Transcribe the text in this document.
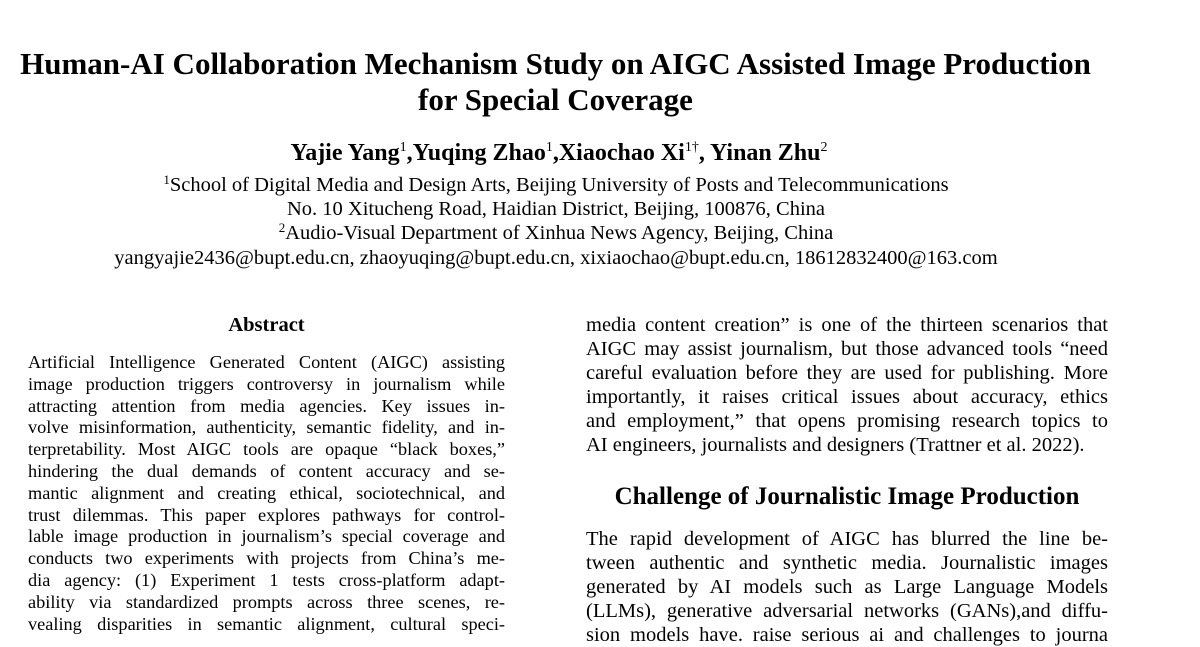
Human-AI Collaboration Mechanism Study on AIGC Assisted Image Production
for Special Coverage
Yajie Yang$^1$,Yuqing Zhao$^1$,Xiaochao $Xi^{1\dagger}$, Yinan Zhu$^2$
$^1$School of Digital Media and Design Arts, Beijing University of Posts and Telecommunications
No. 10 Xitucheng Road, Haidian District, Beijing, 100876, China
$^2$Audio-Visual Department of Xinhua News Agency, Beijing, China
yangyajie2436@bupt.edu.cn, zhaoyuqing@bupt.edu.cn, xixiaochao@bupt.edu.cn, 18612832400@163.com
Abstract
Artificial Intelligence Generated Content (AIGC) assisting
image production triggers controversy in journalism while
attracting attention from media agencies. Key issues in-
volve misinformation, authenticity, semantic fidelity, and in-
terpretability. Most AIGC tools are opaque “black boxes,”
hindering the dual demands of content accuracy and se-
mantic alignment and creating ethical, sociotechnical, and
trust dilemmas. This paper explores pathways for control-
lable image production in journalism’s special coverage and
conducts two experiments with projects from China’s me-
dia agency: (1) Experiment 1 tests cross-platform adapt-
ability via standardized prompts across three scenes, re-
vealing disparities in semantic alignment, cultural speci-
media content creation” is one of the thirteen scenarios that
AIGC may assist journalism, but those advanced tools “need
careful evaluation before they are used for publishing. More
importantly, it raises critical issues about accuracy, ethics
and employment,” that opens promising research topics to
AI engineers, journalists and designers (Trattner et al. 2022).
Challenge of Journalistic Image Production
The rapid development of AIGC has blurred the line be-
tween authentic and synthetic media. Journalistic images
generated by AI models such as Large Language Models
(LLMs), generative adversarial networks (GANs),and diffu-
sion models have. raise serious ai and challenges to journa
